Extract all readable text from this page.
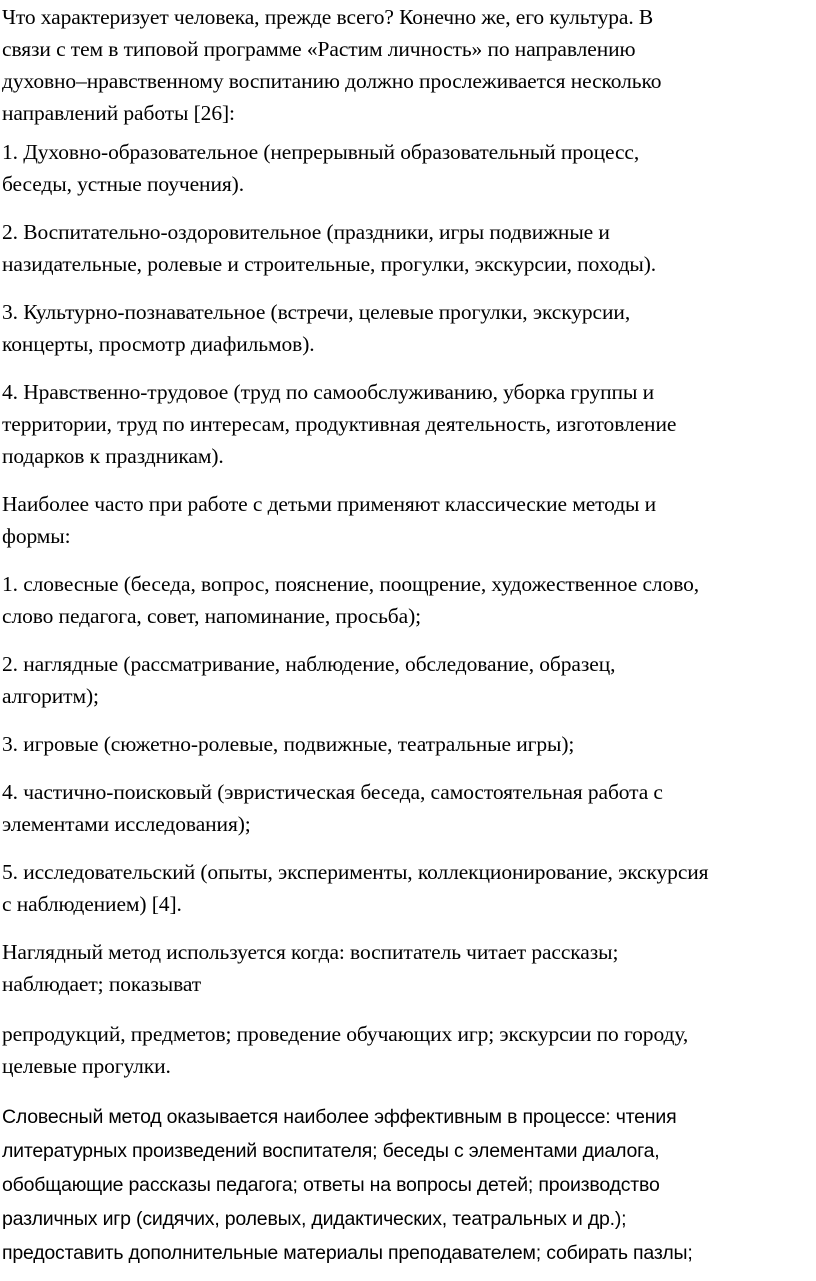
Что характеризует человека, прежде всего? Конечно же, его культура. В
связи с тем в типовой программе «Растим личность» по направлению
духовно–нравственному воспитанию должно прослеживается несколько
направлений работы [26]:

1. Духовно-образовательное (непрерывный образовательный процесс,
беседы, устные поучения).

2. Воспитательно-оздоровительное (праздники, игры подвижные и
назидательные, ролевые и строительные, прогулки, экскурсии, походы).

3. Культурно-познавательное (встречи, целевые прогулки, экскурсии,
концерты, просмотр диафильмов).

4. Нравственно-трудовое (труд по самообслуживанию, уборка группы и
территории, труд по интересам, продуктивная деятельность, изготовление
подарков к праздникам).

Наиболее часто при работе с детьми применяют классические методы и
формы:

1. словесные (беседа, вопрос, пояснение, поощрение, художественное слово,
слово педагога, совет, напоминание, просьба);

2. наглядные (рассматривание, наблюдение, обследование, образец,
алгоритм);

3. игровые (сюжетно-ролевые, подвижные, театральные игры);

4. частично-поисковый (эвристическая беседа, самостоятельная работа с
элементами исследования);

5. исследовательский (опыты, эксперименты, коллекционирование, экскурсия
с наблюдением) [4].

Наглядный метод используется когда: воспитатель читает рассказы;
наблюдает; показыват

репродукций, предметов; проведение обучающих игр; экскурсии по городу,
целевые прогулки.

Словесный метод оказывается наиболее эффективным в процессе: чтения
литературных произведений воспитателя; беседы с элементами диалога,
обобщающие рассказы педагога; ответы на вопросы детей; производство
различных игр (сидячих, ролевых, дидактических, театральных и др.);
предоставить дополнительные материалы преподавателем; собирать пазлы;
